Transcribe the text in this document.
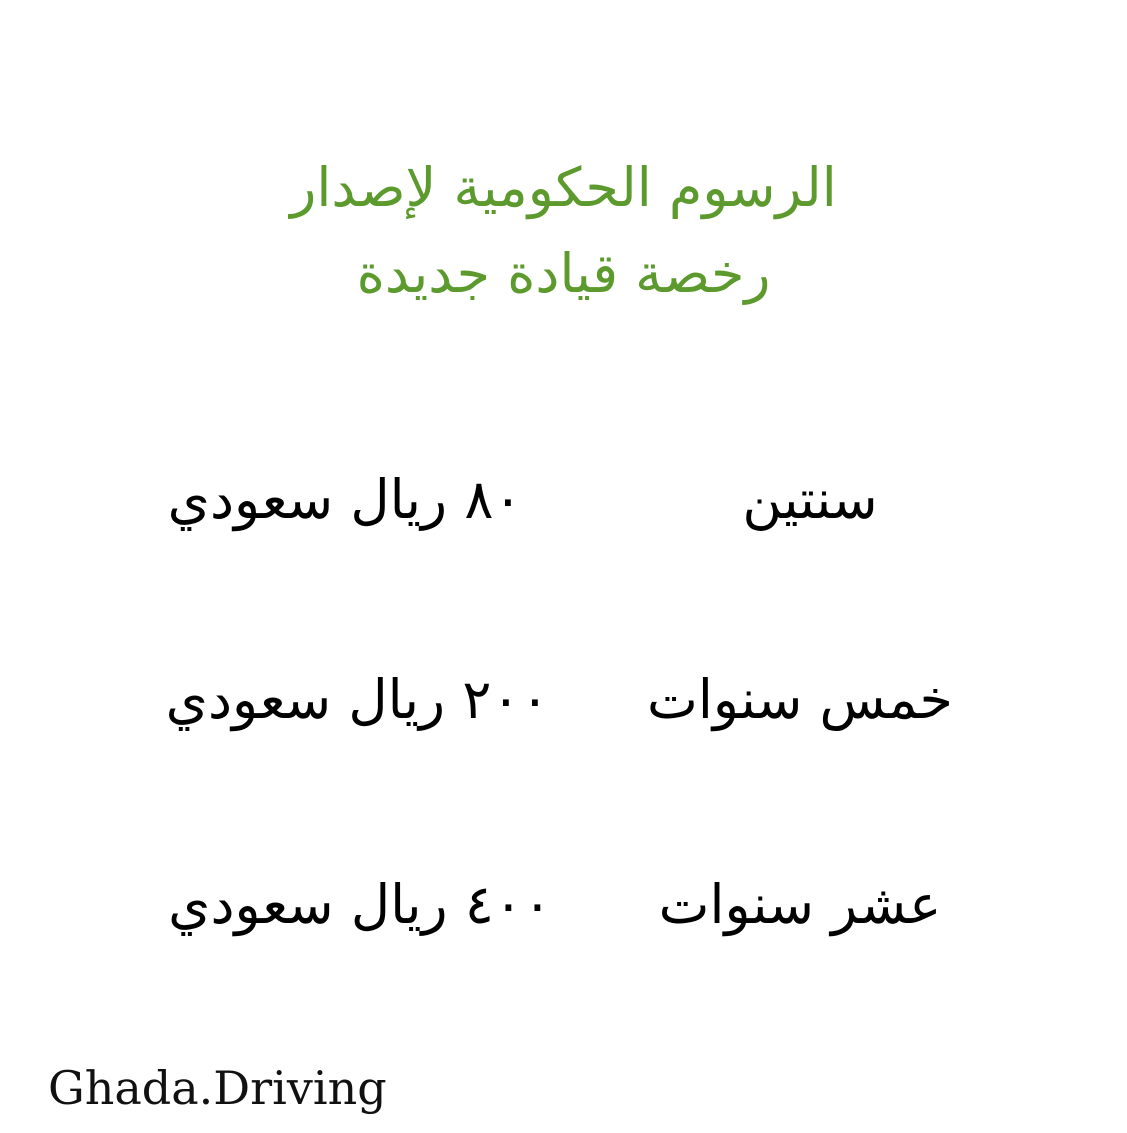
الرسوم الحكومية لإصدار
رخصة قيادة جديدة
سنتين
٨٠ ريال سعودي
خمس سنوات
٢٠٠ ريال سعودي
عشر سنوات
٤٠٠ ريال سعودي
Ghada.Driving
